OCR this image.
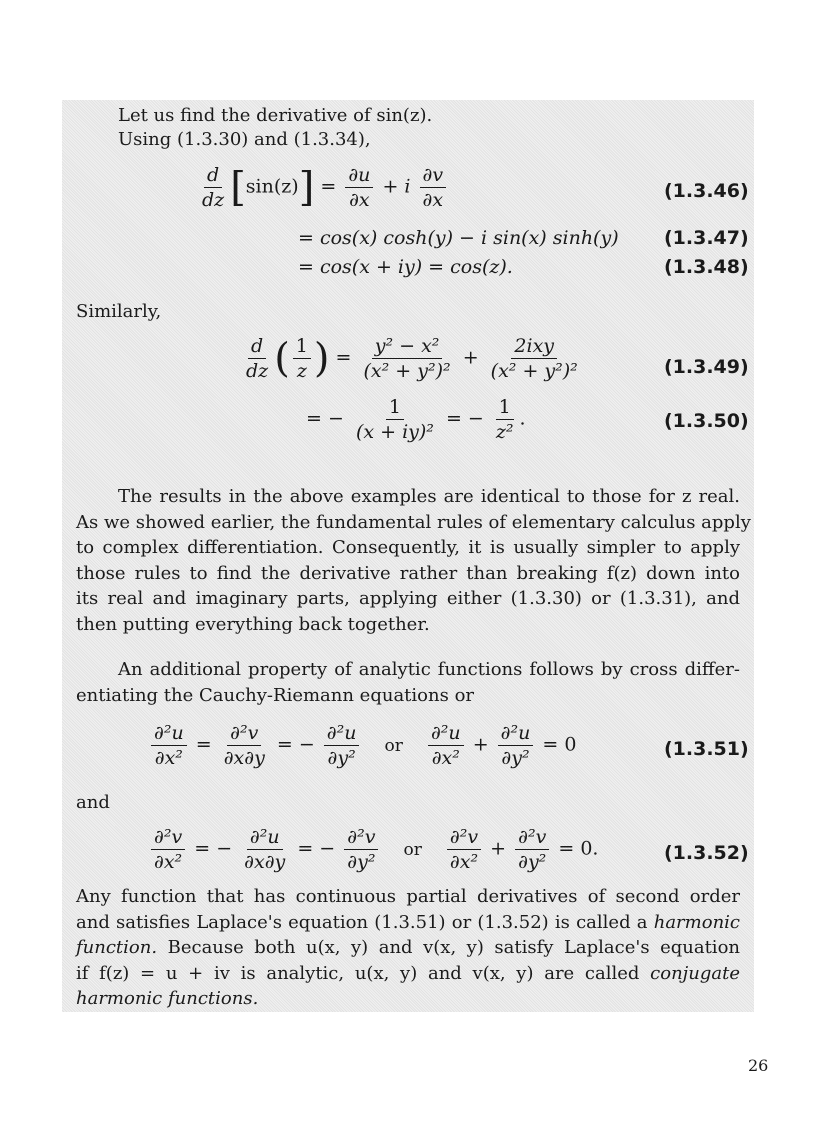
Let us find the derivative of sin(z).
Using (1.3.30) and (1.3.34),
$\frac{d}{dz} [\sin(z)] = \frac{\partial u}{\partial x} + i \frac{\partial v}{\partial x}$	(1.3.46)
= cos(x) cosh(y) − i sin(x) sinh(y) (1.3.47)
= cos(x + iy) = cos(z).	(1.3.48)
Similarly,
$\frac{d}{dz}$ ( $\frac{1}{z}$ ) = $\frac{\text{y² − x²}}{\text{(x² + y²)²}} + \frac{\text{2ixy}}{\text{(x² + y²)²}}$	(1.3.49)
= − $\frac{1}{\text{(x + iy)²}}$ = − $\frac{1}{\text{z²}}$ .	(1.3.50)
The results in the above examples are identical to those for z real.
As we showed earlier, the fundamental rules of elementary calculus apply
to complex differentiation. Consequently, it is usually simpler to apply
those rules to find the derivative rather than breaking f(z) down into
its real and imaginary parts, applying either (1.3.30) or (1.3.31), and
then putting everything back together.
An additional property of analytic functions follows by cross differ-
entiating the Cauchy-Riemann equations or
$\frac{\text{∂²u}}{\text{∂x²}} = \frac{\text{∂²v}}{\partial x\partial y}$ = − $\frac{\text{∂²u}}{\text{∂y²}}$ or $\frac{\text{∂²u}}{\text{∂x²}} + \frac{\text{∂²u}}{\text{∂y²}} = 0$	(1.3.51)
and
$\frac{\text{∂²v}}{\text{∂x²}}$ = − $\frac{\text{∂²u}}{\partial x\partial y}$ = − $\frac{\text{∂²v}}{\text{∂y²}}$ or $\frac{\text{∂²v}}{\text{∂x²}} + \frac{\text{∂²v}}{\text{∂y²}} = 0$.	(1.3.52)
Any function that has continuous partial derivatives of second order
and satisfies Laplace's equation (1.3.51) or (1.3.52) is called a harmonic
function. Because both u(x, y) and v(x, y) satisfy Laplace's equation
if f(z) = u + iv is analytic, u(x, y) and v(x, y) are called conjugate
harmonic functions.
26
